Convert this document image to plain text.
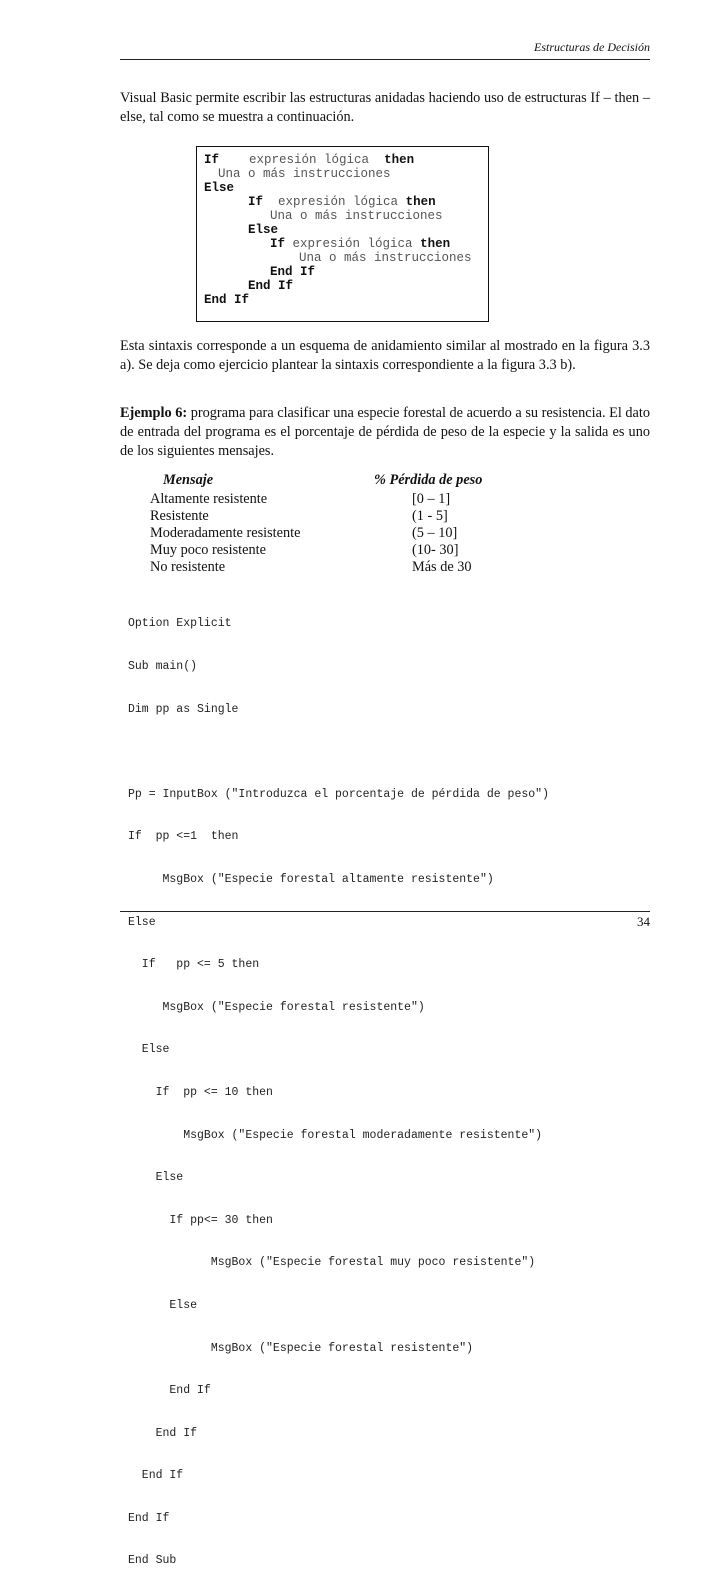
Estructuras de Decisión
Visual Basic permite escribir las estructuras anidadas haciendo uso de estructuras If – then – else, tal como se muestra a continuación.
If expresión lógica then
Una o más instrucciones
Else
If expresión lógica then
Una o más instrucciones
Else
If expresión lógica then
Una o más instrucciones
End If
End If
End If
Esta sintaxis corresponde a un esquema de anidamiento similar al mostrado en la figura 3.3 a). Se deja como ejercicio plantear la sintaxis correspondiente a la figura 3.3 b).
Ejemplo 6: programa para clasificar una especie forestal de acuerdo a su resistencia. El dato de entrada del programa es el porcentaje de pérdida de peso de la especie y la salida es uno de los siguientes mensajes.
Mensaje	% Pérdida de peso
Altamente resistente
Resistente
Moderadamente resistente
Muy poco resistente
No resistente
[0 – 1]
(1 - 5]
(5 – 10]
(10- 30]
Más de 30

Option Explicit

Sub main()

Dim pp as Single

Pp = InputBox ("Introduzca el porcentaje de pérdida de peso")

If  pp <=1  then

MsgBox ("Especie forestal altamente resistente")

Else

If   pp <= 5 then

MsgBox ("Especie forestal resistente")

Else

If  pp <= 10 then

MsgBox ("Especie forestal moderadamente resistente")

Else

If pp<= 30 then

MsgBox ("Especie forestal muy poco resistente")

Else

MsgBox ("Especie forestal resistente")

End If

End If

End If

End If

End Sub

34
